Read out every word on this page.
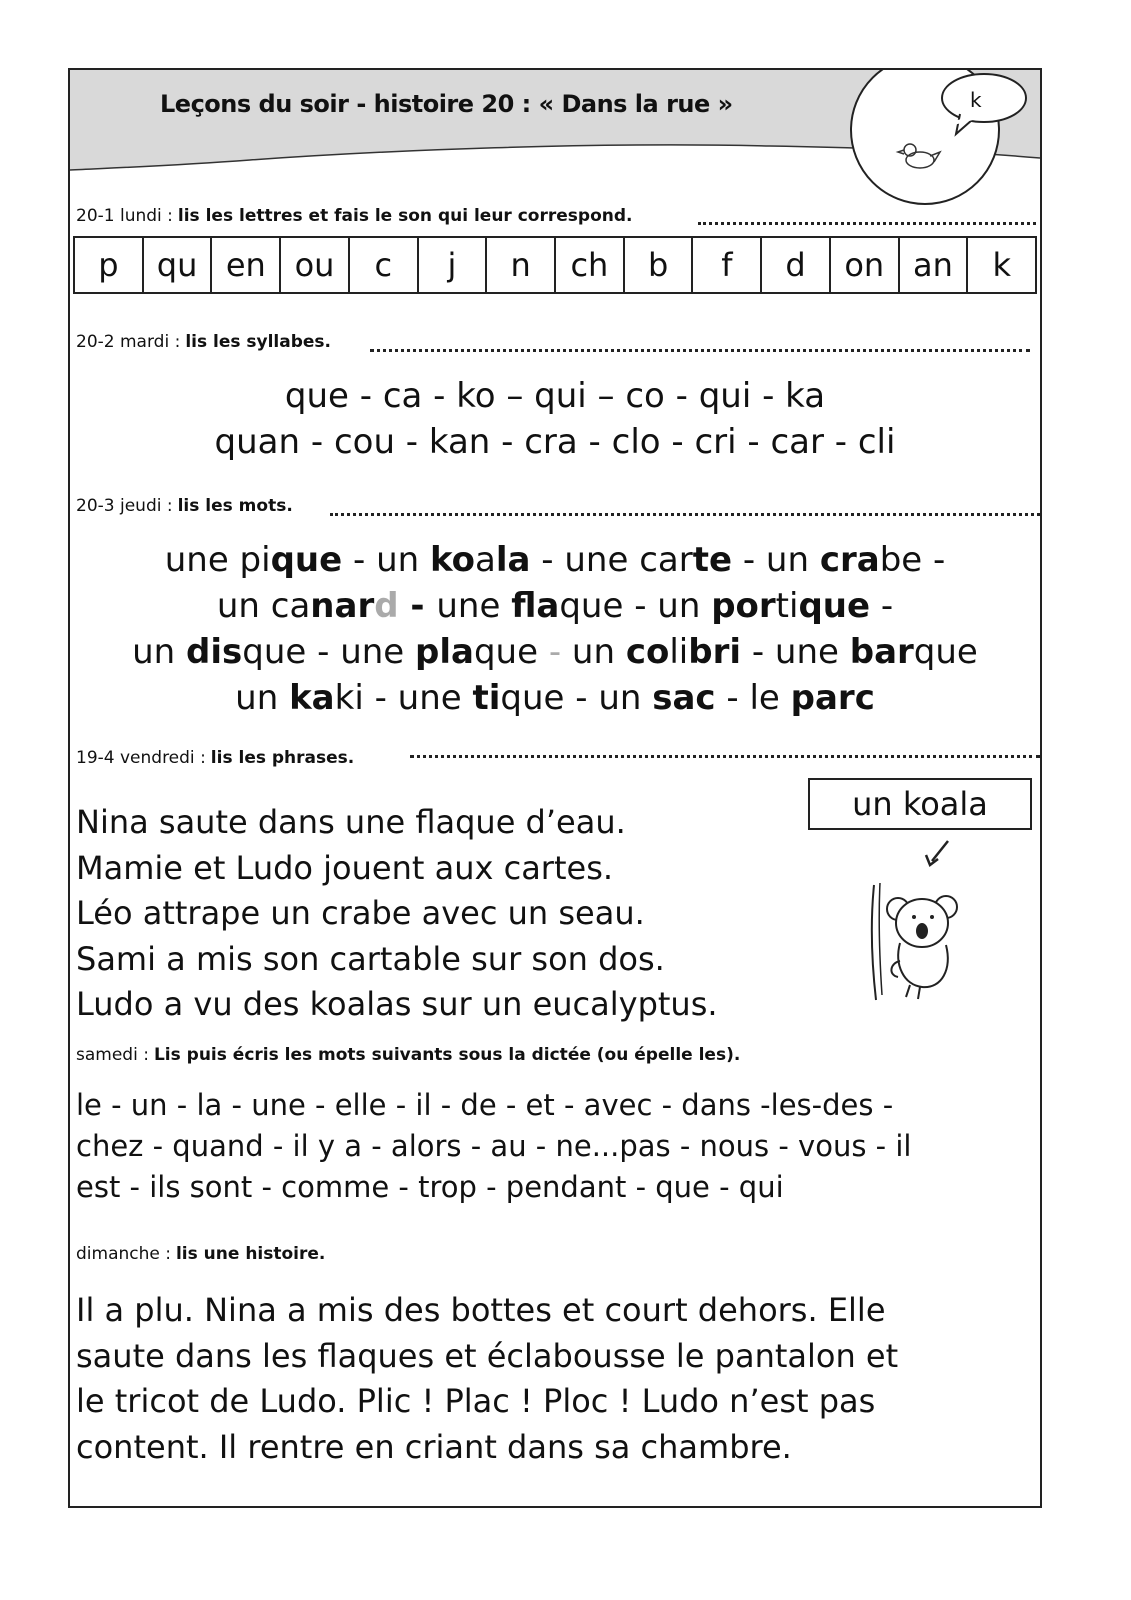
Leçons du soir - histoire 20 : « Dans la rue »	k
20-1 lundi : lis les lettres et fais le son qui leur correspond.
p	qu en ou	c	j	n	ch	b	f	d	on an	k
20-2 mardi : lis les syllabes.
que - ca - ko – qui – co - qui - ka
quan - cou - kan - cra - clo - cri - car - cli
20-3 jeudi : lis les mots.
une pique - un koala - une carte - un crabe -
un canard - une flaque - un portique -
un disque - une plaque - un colibri - une barque
un kaki - une tique - un sac - le parc
19-4 vendredi : lis les phrases.
Nina saute dans une flaque d’eau.
Mamie et Ludo jouent aux cartes.
Léo attrape un crabe avec un seau.
Sami a mis son cartable sur son dos.
Ludo a vu des koalas sur un eucalyptus.
un koala
samedi : Lis puis écris les mots suivants sous la dictée (ou épelle les).
le - un - la - une - elle - il - de - et - avec - dans -les-des -
chez - quand - il y a - alors - au - ne...pas - nous - vous - il
est - ils sont - comme - trop - pendant - que - qui
dimanche : lis une histoire.
Il a plu. Nina a mis des bottes et court dehors. Elle
saute dans les flaques et éclabousse le pantalon et
le tricot de Ludo. Plic ! Plac ! Ploc ! Ludo n’est pas
content. Il rentre en criant dans sa chambre.
